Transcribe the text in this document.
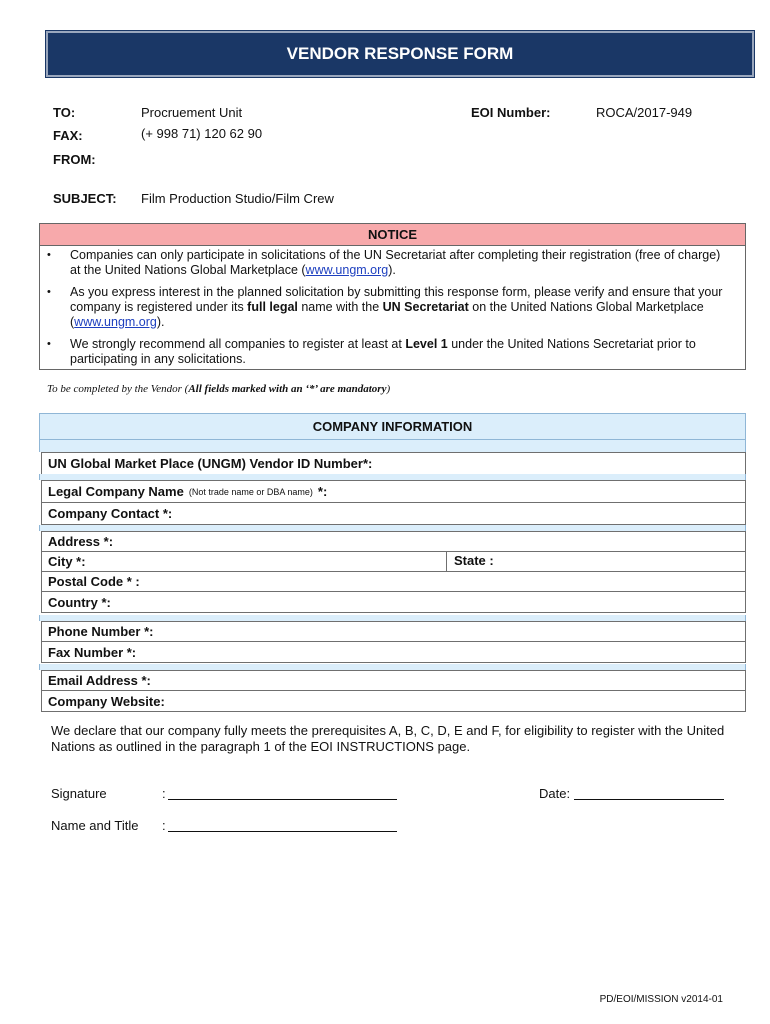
VENDOR RESPONSE FORM
TO:	Procruement Unit	EOI Number:	ROCA/2017-949
FAX:	(+ 998 71) 120 62 90
FROM:
SUBJECT: Film Production Studio/Film Crew
NOTICE
• Companies can only participate in solicitations of the UN Secretariat after completing their registration (free of charge) at the United Nations Global Marketplace (www.ungm.org).
• As you express interest in the planned solicitation by submitting this response form, please verify and ensure that your company is registered under its full legal name with the UN Secretariat on the United Nations Global Marketplace (www.ungm.org).
• We strongly recommend all companies to register at least at Level 1 under the United Nations Secretariat prior to participating in any solicitations.
To be completed by the Vendor (All fields marked with an ‘*’ are mandatory)
COMPANY INFORMATION
UN Global Market Place (UNGM) Vendor ID Number*:
Legal Company Name (Not trade name or DBA name) *:
Company Contact *:
Address *:
City *:	State :
Postal Code * :
Country *:
Phone Number *:
Fax Number *:
Email Address *:
Company Website:
We declare that our company fully meets the prerequisites A, B, C, D, E and F, for eligibility to register with the United Nations as outlined in the paragraph 1 of the EOI INSTRUCTIONS page.
Signature	:	Date:
Name and Title :
PD/EOI/MISSION v2014-01
